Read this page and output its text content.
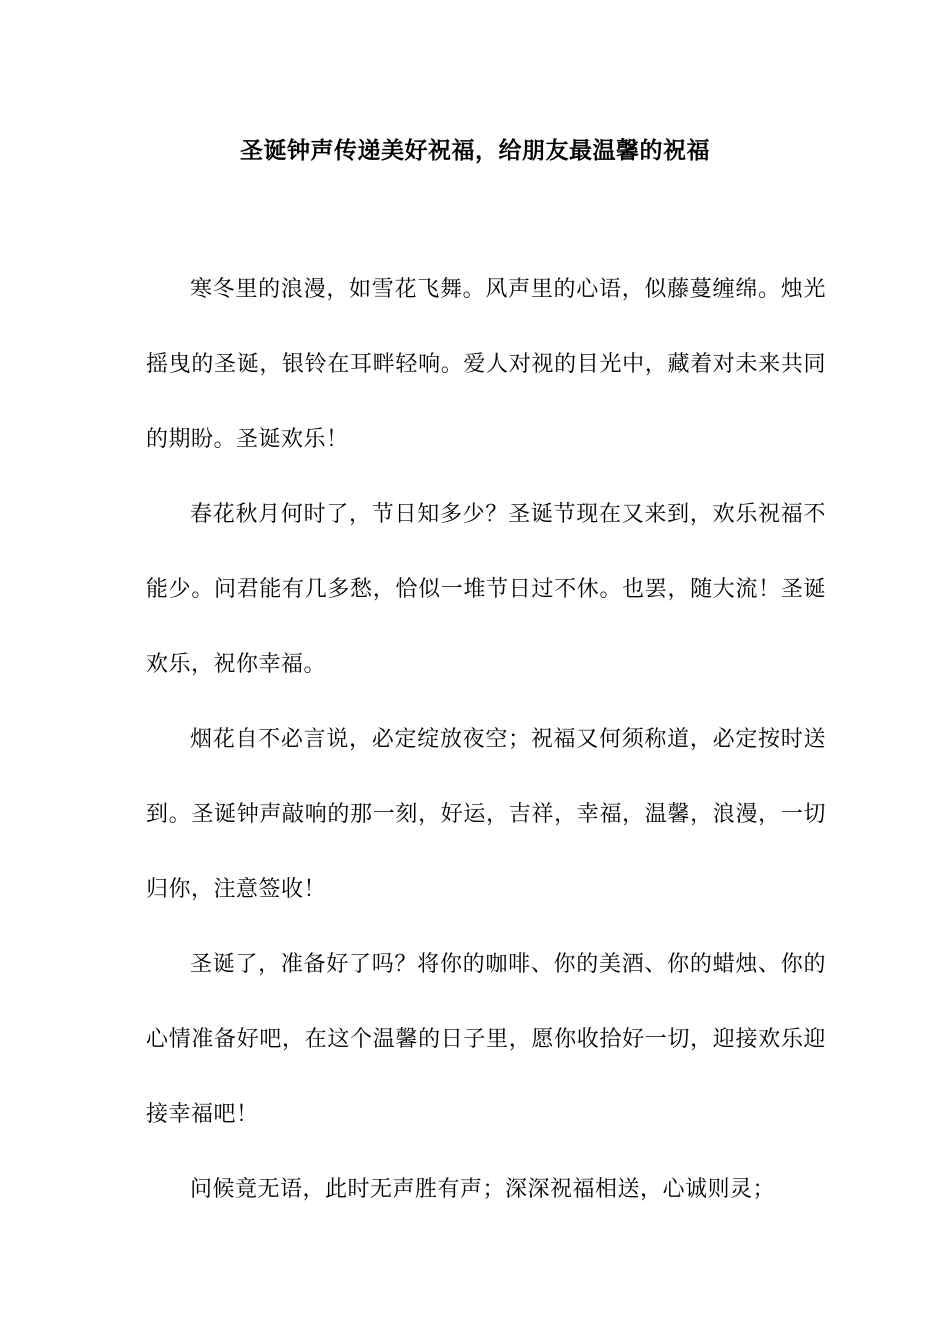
圣诞钟声传递美好祝福，给朋友最温馨的祝福

寒冬里的浪漫，如雪花飞舞。风声里的心语，似藤蔓缠绵。烛光摇曳的圣诞，银铃在耳畔轻响。爱人对视的目光中，藏着对未来共同的期盼。圣诞欢乐！

春花秋月何时了，节日知多少？圣诞节现在又来到，欢乐祝福不能少。问君能有几多愁，恰似一堆节日过不休。也罢，随大流！圣诞欢乐，祝你幸福。

烟花自不必言说，必定绽放夜空；祝福又何须称道，必定按时送到。圣诞钟声敲响的那一刻，好运，吉祥，幸福，温馨，浪漫，一切归你，注意签收！

圣诞了，准备好了吗？将你的咖啡、你的美酒、你的蜡烛、你的心情准备好吧，在这个温馨的日子里，愿你收拾好一切，迎接欢乐迎接幸福吧！

问候竟无语，此时无声胜有声；深深祝福相送，心诚则灵；
